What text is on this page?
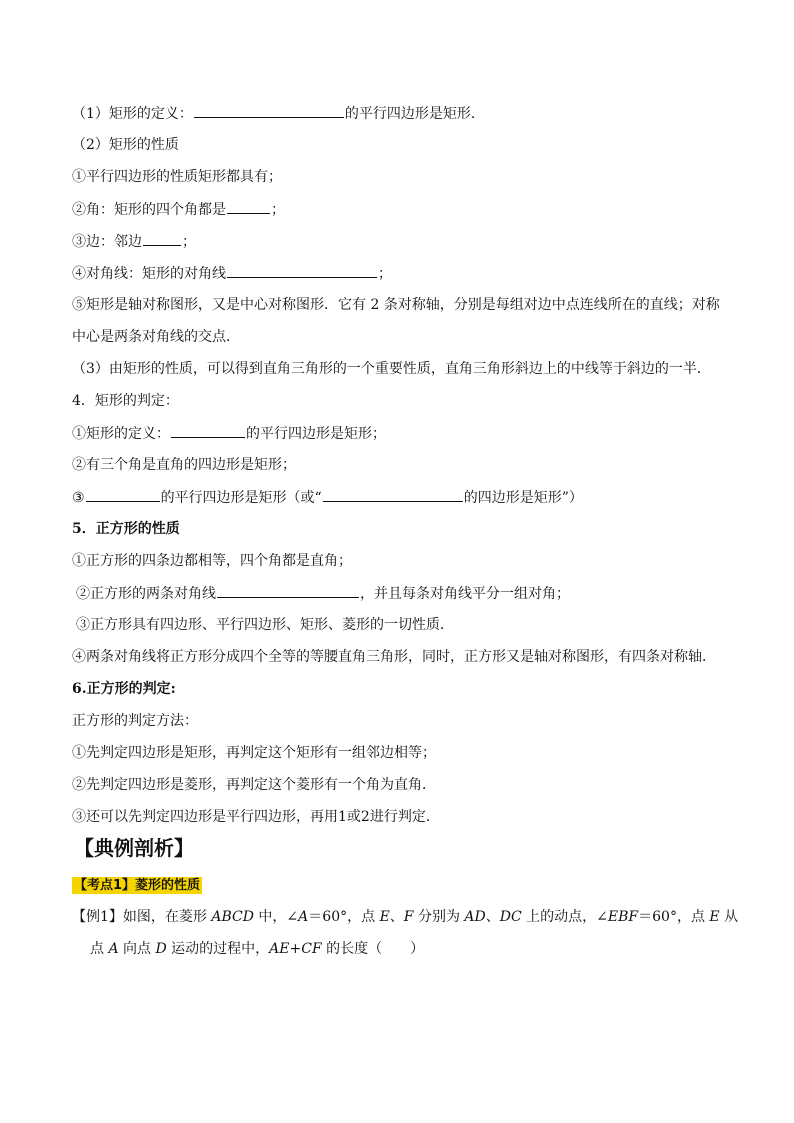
（1）矩形的定义：	的平行四边形是矩形．
（2）矩形的性质
①平行四边形的性质矩形都具有；
②角：矩形的四个角都是	；
③边：邻边	；
④对角线：矩形的对角线	；
⑤矩形是轴对称图形，又是中心对称图形．它有 2 条对称轴，分别是每组对边中点连线所在的直线；对称
中心是两条对角线的交点．
（3）由矩形的性质，可以得到直角三角形的一个重要性质，直角三角形斜边上的中线等于斜边的一半．
4．矩形的判定：
①矩形的定义：	的平行四边形是矩形；
②有三个角是直角的四边形是矩形；
③	的平行四边形是矩形（或“	的四边形是矩形”）
5．正方形的性质
①正方形的四条边都相等，四个角都是直角；
②正方形的两条对角线	，并且每条对角线平分一组对角；
③正方形具有四边形、平行四边形、矩形、菱形的一切性质．
④两条对角线将正方形分成四个全等的等腰直角三角形，同时，正方形又是轴对称图形，有四条对称轴．
6.正方形的判定:
正方形的判定方法：
①先判定四边形是矩形，再判定这个矩形有一组邻边相等；
②先判定四边形是菱形，再判定这个菱形有一个角为直角．
③还可以先判定四边形是平行四边形，再用1或2进行判定．
【典例剖析】
【考点1】菱形的性质
【例1】如图，在菱形 ABCD 中，∠A＝60°，点 E、F 分别为 AD、DC 上的动点，∠EBF＝60°，点 E 从
点 A 向点 D 运动的过程中，AE+CF 的长度（　　）
